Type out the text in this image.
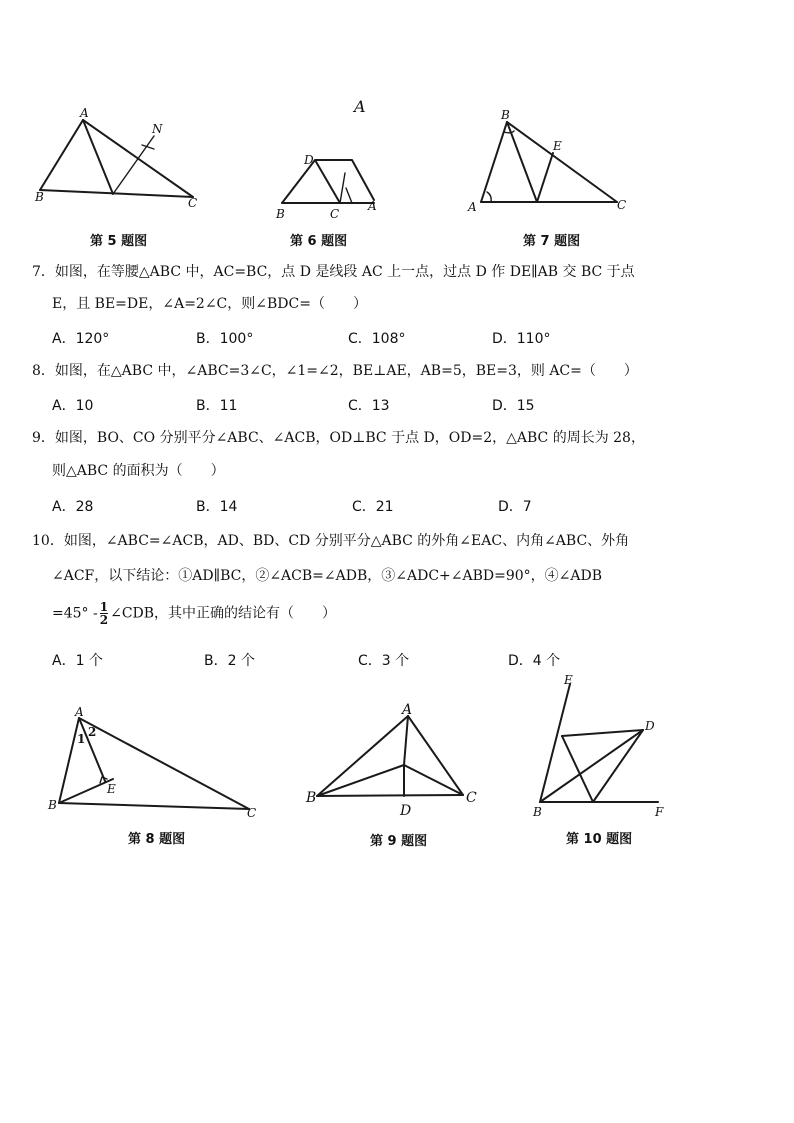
A
A
N
B	C
第 5 题图
D
B	C
A
第 6 题图
B
E
A	C
第 7 题图
7．如图，在等腰△ABC 中，AC=BC，点 D 是线段 AC 上一点，过点 D 作 DE∥AB 交 BC 于点
E，且 BE=DE，∠A=2∠C，则∠BDC=（　　）
A．120°	B．100°	C．108°	D．110°
8．如图，在△ABC 中，∠ABC=3∠C，∠1=∠2，BE⊥AE，AB=5，BE=3，则 AC=（　　）
A．10	B．11	C．13	D．15
9．如图，BO、CO 分别平分∠ABC、∠ACB，OD⊥BC 于点 D，OD=2，△ABC 的周长为 28，
则△ABC 的面积为（　　）
A．28	B．14	C．21	D．7
10．如图，∠ABC=∠ACB，AD、BD、CD 分别平分△ABC 的外角∠EAC、内角∠ABC、外角
∠ACF，以下结论：①AD∥BC，②∠ACB=∠ADB，③∠ADC+∠ABD=90°，④∠ADB
$=45^\circ - \frac{1}{2}$ ∠CDB，其中正确的结论有（　　）
A．1 个	B．2 个	C．3 个	D．4 个
A
2
1
E
B
C
第 8 题图
A
B	C
D
第 9 题图
E
D
B	F
第 10 题图
